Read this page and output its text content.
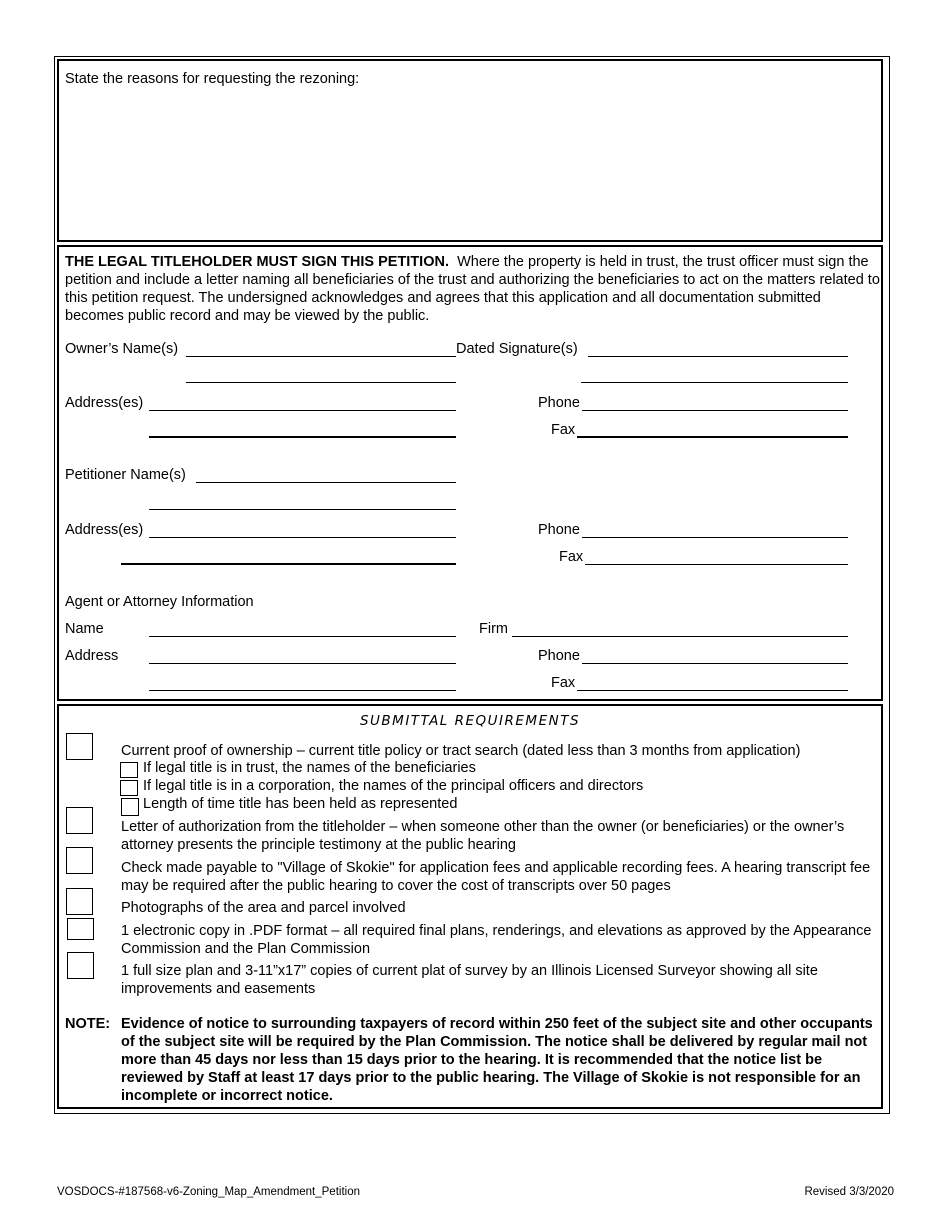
State the reasons for requesting the rezoning:
THE LEGAL TITLEHOLDER MUST SIGN THIS PETITION. Where the property is held in trust, the trust officer must sign the petition and include a letter naming all beneficiaries of the trust and authorizing the beneficiaries to act on the matters related to this petition request. The undersigned acknowledges and agrees that this application and all documentation submitted becomes public record and may be viewed by the public.
Owner’s Name(s)	Dated Signature(s)
Address(es)	Phone
Fax
Petitioner Name(s)
Address(es)	Phone
Fax
Agent or Attorney Information
Name	Firm
Address	Phone
Fax
SUBMITTAL REQUIREMENTS
Current proof of ownership – current title policy or tract search (dated less than 3 months from application)
If legal title is in trust, the names of the beneficiaries
If legal title is in a corporation, the names of the principal officers and directors
Length of time title has been held as represented
Letter of authorization from the titleholder – when someone other than the owner (or beneficiaries) or the owner’s attorney presents the principle testimony at the public hearing
Check made payable to "Village of Skokie" for application fees and applicable recording fees. A hearing transcript fee may be required after the public hearing to cover the cost of transcripts over 50 pages
Photographs of the area and parcel involved
1 electronic copy in .PDF format – all required final plans, renderings, and elevations as approved by the Appearance Commission and the Plan Commission
1 full size plan and 3-11”x17” copies of current plat of survey by an Illinois Licensed Surveyor showing all site improvements and easements
NOTE: Evidence of notice to surrounding taxpayers of record within 250 feet of the subject site and other occupants of the subject site will be required by the Plan Commission. The notice shall be delivered by regular mail not more than 45 days nor less than 15 days prior to the hearing. It is recommended that the notice list be reviewed by Staff at least 17 days prior to the public hearing. The Village of Skokie is not responsible for an incomplete or incorrect notice.
VOSDOCS-#187568-v6-Zoning_Map_Amendment_Petition	Revised 3/3/2020
